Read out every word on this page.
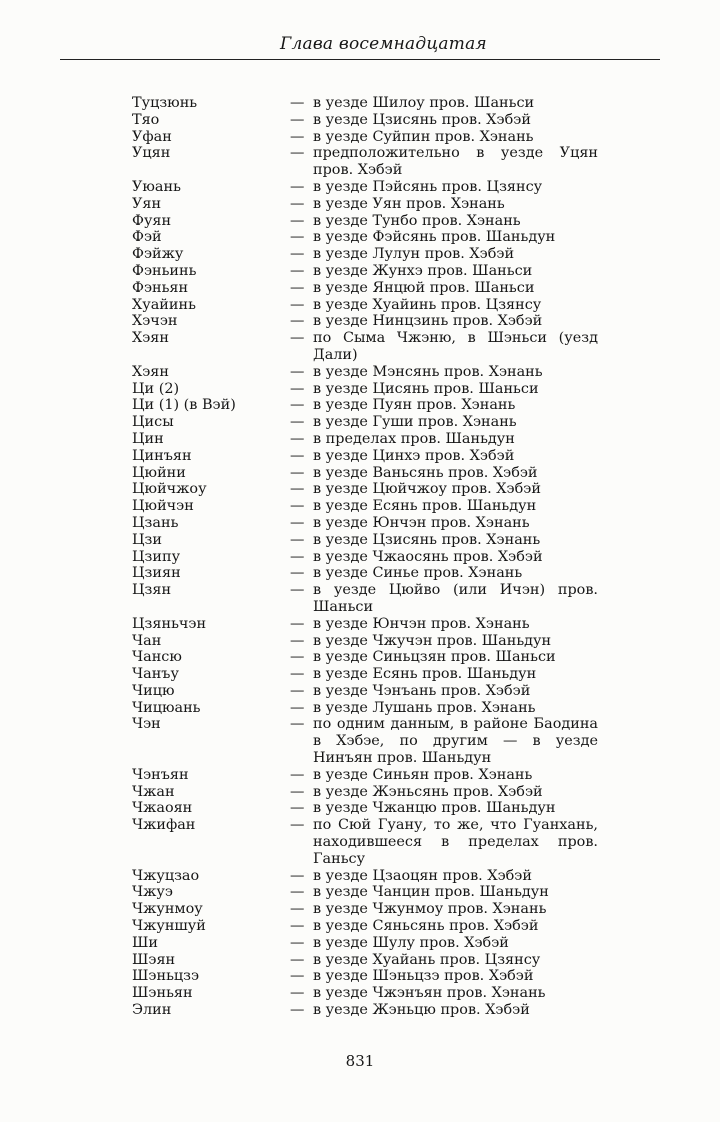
Глава восемнадцатая
Туцзюнь	— в уезде Шилоу пров. Шаньси
Тяо	— в уезде Цзисянь пров. Хэбэй
Уфан	— в уезде Суйпин пров. Хэнань
Уцян	— предположительно в уезде Уцян пров. Хэбэй
Уюань	— в уезде Пэйсянь пров. Цзянсу
Уян	— в уезде Уян пров. Хэнань
Фуян	— в уезде Тунбо пров. Хэнань
Фэй	— в уезде Фэйсянь пров. Шаньдун
Фэйжу	— в уезде Лулун пров. Хэбэй
Фэньинь	— в уезде Жунхэ пров. Шаньси
Фэньян	— в уезде Янцюй пров. Шаньси
Хуайинь	— в уезде Хуайинь пров. Цзянсу
Хэчэн	— в уезде Нинцзинь пров. Хэбэй
Хэян	— по Сыма Чжэню, в Шэньси (уезд Дали)
Хэян	— в уезде Мэнсянь пров. Хэнань
Ци (2)	— в уезде Цисянь пров. Шаньси
Ци (1) (в Вэй)	— в уезде Пуян пров. Хэнань
Цисы	— в уезде Гуши пров. Хэнань
Цин	— в пределах пров. Шаньдун
Цинъян	— в уезде Цинхэ пров. Хэбэй
Цюйни	— в уезде Ваньсянь пров. Хэбэй
Цюйчжоу	— в уезде Цюйчжоу пров. Хэбэй
Цюйчэн	— в уезде Есянь пров. Шаньдун
Цзань	— в уезде Юнчэн пров. Хэнань
Цзи	— в уезде Цзисянь пров. Хэнань
Цзипу	— в уезде Чжаосянь пров. Хэбэй
Цзиян	— в уезде Синье пров. Хэнань
Цзян	— в уезде Цюйво (или Ичэн) пров. Шаньси
Цзяньчэн	— в уезде Юнчэн пров. Хэнань
Чан	— в уезде Чжучэн пров. Шаньдун
Чансю	— в уезде Синьцзян пров. Шаньси
Чанъу	— в уезде Есянь пров. Шаньдун
Чицю	— в уезде Чэнъань пров. Хэбэй
Чицюань	— в уезде Лушань пров. Хэнань
Чэн	— по одним данным, в районе Баодина в Хэбэе, по другим — в уезде Нинъян пров. Шаньдун
Чэнъян	— в уезде Синьян пров. Хэнань
Чжан	— в уезде Жэньсянь пров. Хэбэй
Чжаоян	— в уезде Чжанцю пров. Шаньдун
Чжифан	— по Сюй Гуану, то же, что Гуанхань, находившееся в пределах пров. Ганьсу
Чжуцзао	— в уезде Цзаоцян пров. Хэбэй
Чжуэ	— в уезде Чанцин пров. Шаньдун
Чжунмоу	— в уезде Чжунмоу пров. Хэнань
Чжуншуй	— в уезде Сяньсянь пров. Хэбэй
Ши	— в уезде Шулу пров. Хэбэй
Шэян	— в уезде Хуайань пров. Цзянсу
Шэньцзэ	— в уезде Шэньцзэ пров. Хэбэй
Шэньян	— в уезде Чжэнъян пров. Хэнань
Элин	— в уезде Жэньцю пров. Хэбэй
831
